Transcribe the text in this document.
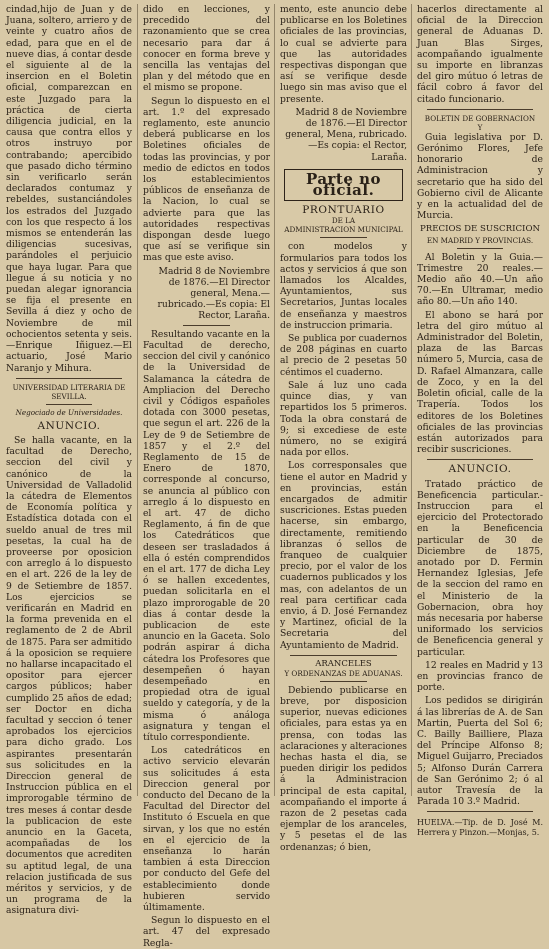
cindad,hijo de Juan y de Juana, soltero, arriero y de veinte y cuatro años de edad, para que en el de nueve dias, á contar desde el siguiente al de la insercion en el Boletin oficial, comparezcan en este Juzgado para la práctica de cierta diligencia judicial, en la causa que contra ellos y otros instruyo por contrabando; apercibido que pasado dicho término sin verificarlo serán declarados contumaz y rebeldes, sustanciándoles los estrados del Juzgado con los que respecto á los mismos se entenderán las diligencias sucesivas, parándoles el perjuicio que haya lugar. Para que llegue á su noticia y no puedan alegar ignorancia se fija el presente en Sevilla á diez y ocho de Noviembre de mil ochocientos setenta y seis.—Enrique Iñiguez.—El actuario, José Mario Naranjo y Mihura.

UNIVERSIDAD LITERARIA DE SEVILLA.
Negociado de Universidades.
ANUNCIO.

Se halla vacante, en la facultad de Derecho, seccion del civil y canónico de la Universidad de Valladolid la cátedra de Elementos de Economía política y Estadística dotada con el sueldo anual de tres mil pesetas, la cual ha de proveerse por oposicion con arreglo á lo dispuesto en el art. 226 de la ley de 9 de Setiembre de 1857. Los ejercicios se verificarán en Madrid en la forma prevenida en el reglamento de 2 de Abril de 1875. Para ser admitido á la oposicion se requiere no hallarse incapacitado el opositor para ejercer cargos públicos; haber cumplido 25 años de edad; ser Doctor en dicha facultad y seccion ó tener aprobados los ejercicios para dicho grado. Los aspirantes presentarán sus solicitudes en la Direccion general de Instruccion pública en el improrogable término de tres meses á contar desde la publicacion de este anuncio en la Gaceta, acompañadas de los documentos que acrediten su aptitud legal, de una relacion justificada de sus méritos y servicios, y de un programa de la asignatura divi-

dido en lecciones, y precedido del razonamiento que se crea necesario para dar á conocer en forma breve y sencilla las ventajas del plan y del método que en el mismo se propone.

Segun lo dispuesto en el art. 1.º del expresado reglamento, este anuncio deberá publicarse en los Boletines oficiales de todas las provincias, y por medio de edictos en todos los establecimientos públicos de enseñanza de la Nacion, lo cual se advierte para que las autoridades respectivas dispongan desde luego que así se verifique sin mas que este aviso.

Madrid 8 de Noviembre de 1876.—El Director general, Mena.—rubricado.—Es copia: El Rector, Laraña.

Resultando vacante en la Facultad de derecho, seccion del civil y canónico de la Universidad de Salamanca la cátedra de Ampliacion del Derecho civil y Códigos españoles dotada con 3000 pesetas, que segun el art. 226 de la Ley de 9 de Setiembre de 1857 y el 2.º del Reglamento de 15 de Enero de 1870, corresponde al concurso, se anuncia al público con arreglo á lo dispuesto en el art. 47 de dicho Reglamento, á fin de que los Catedráticos que deseen ser trasladados á ella ó estén comprendidos en el art. 177 de dicha Ley ó se hallen excedentes, puedan solicitarla en el plazo improrogable de 20 dias á contar desde la publicacion de este anuncio en la Gaceta. Solo podrán aspirar á dicha cátedra los Profesores que desempeñen ó hayan desempeñado en propiedad otra de igual sueldo y categoría, y de la misma ó análoga asignatura y tengan el título correspondiente.

Los catedráticos en activo servicio elevarán sus solicitudes á esta Direccion general por conducto del Decano de la Facultad del Director del Instituto ó Escuela en que sirvan, y los que no estén en el ejercicio de la enseñanza lo harán tambien á esta Direccion por conducto del Gefe del establecimiento donde hubieren servido últimamente.

Segun lo dispuesto en el art. 47 del expresado Regla-

mento, este anuncio debe publicarse en los Boletines oficiales de las provincias, lo cual se advierte para que las autoridades respectivas dispongan que así se verifique desde luego sin mas aviso que el presente.

Madrid 8 de Noviembre de 1876.—El Director general, Mena, rubricado.—Es copia: el Rector, Laraña.

Parte no oficial.
PRONTUARIO
DE LA
ADMINISTRACION MUNICIPAL

con modelos y formularios para todos los actos y servicios á que son llamados los Alcaldes, Ayuntamientos, sus Secretarios, Juntas locales de enseñanza y maestros de instruccion primaria.

Se publica por cuadernos de 208 páginas en cuarto al precio de 2 pesetas 50 céntimos el cuaderno.

Sale á luz uno cada quince dias, y van repartidos los 5 primeros. Toda la obra constará de 9; si excediese de este número, no se exigirá nada por ellos.

Los corresponsales que tiene el autor en Madrid y en provincias, están encargados de admitir suscriciones. Estas pueden hacerse, sin embargo, directamente, remitiendo libranzas ó sellos de franqueo de cualquier precio, por el valor de los cuadernos publicados y los mas, con adelantos de un real para certificar cada envio, á D. José Fernandez y Martinez, oficial de la Secretaria del Ayuntamiento de Madrid.

ARANCELES
Y ORDENANZAS DE ADUANAS.

Debiendo publicarse en breve, por disposicion superior, nuevas ediciones oficiales, para estas ya en prensa, con todas las aclaraciones y alteraciones hechas hasta el dia, se pueden dirigir los pedidos á la Administracion principal de esta capital, acompañando el importe á razon de 2 pesetas cada ejemplar de los aranceles, y 5 pesetas el de las ordenanzas; ó bien,

hacerlos directamente al oficial de la Direccion general de Aduanas D. Juan Blas Sirges, acompañando igualmente su importe en libranzas del giro mútuo ó letras de fácil cobro á favor del citado funcionario.

BOLETIN DE GOBERNACION
Y

Guia legislativa por D. Gerónimo Flores, Jefe honorario de Administracion y secretario que ha sido del Gobierno civil de Alicante y en la actualidad del de Murcia.

PRECIOS DE SUSCRICION
EN MADRID Y PROVINCIAS.

Al Boletin y la Guia.—Trimestre 20 reales.—Medio año 40.—Un año 70.—En Ultramar, medio año 80.—Un año 140.

El abono se hará por letra del giro mútuo al Administrador del Boletin, plaza de las Barcas número 5, Murcia, casa de D. Rafael Almanzara, calle de Zoco, y en la del Boletin oficial, calle de la Trapería. Todos los editores de los Boletines oficiales de las provincias están autorizados para recibir suscriciones.

ANUNCIO.

Tratado práctico de Beneficencia particular.-Instruccion para el ejercicio del Protectorado en la Beneficencia particular de 30 de Diciembre de 1875, anotado por D. Fermin Hernandez Iglesias, Jefe de la seccion del ramo en el Ministerio de la Gobernacion, obra hoy más necesaria por haberse uniformado los servicios de Beneficencia general y particular.

12 reales en Madrid y 13 en provincias franco de porte.

Los pedidos se dirigirán á las librerías de A. de San Martin, Puerta del Sol 6; C. Bailly Bailliere, Plaza del Príncipe Alfonso 8; Miguel Guijarro, Preciados 5; Alfonso Durán Carrera de San Gerónimo 2; ó al autor Travesía de la Parada 10 3.º Madrid.

HUELVA.—Tip. de D. José M. Herrera y Pinzon.—Monjas, 5.
